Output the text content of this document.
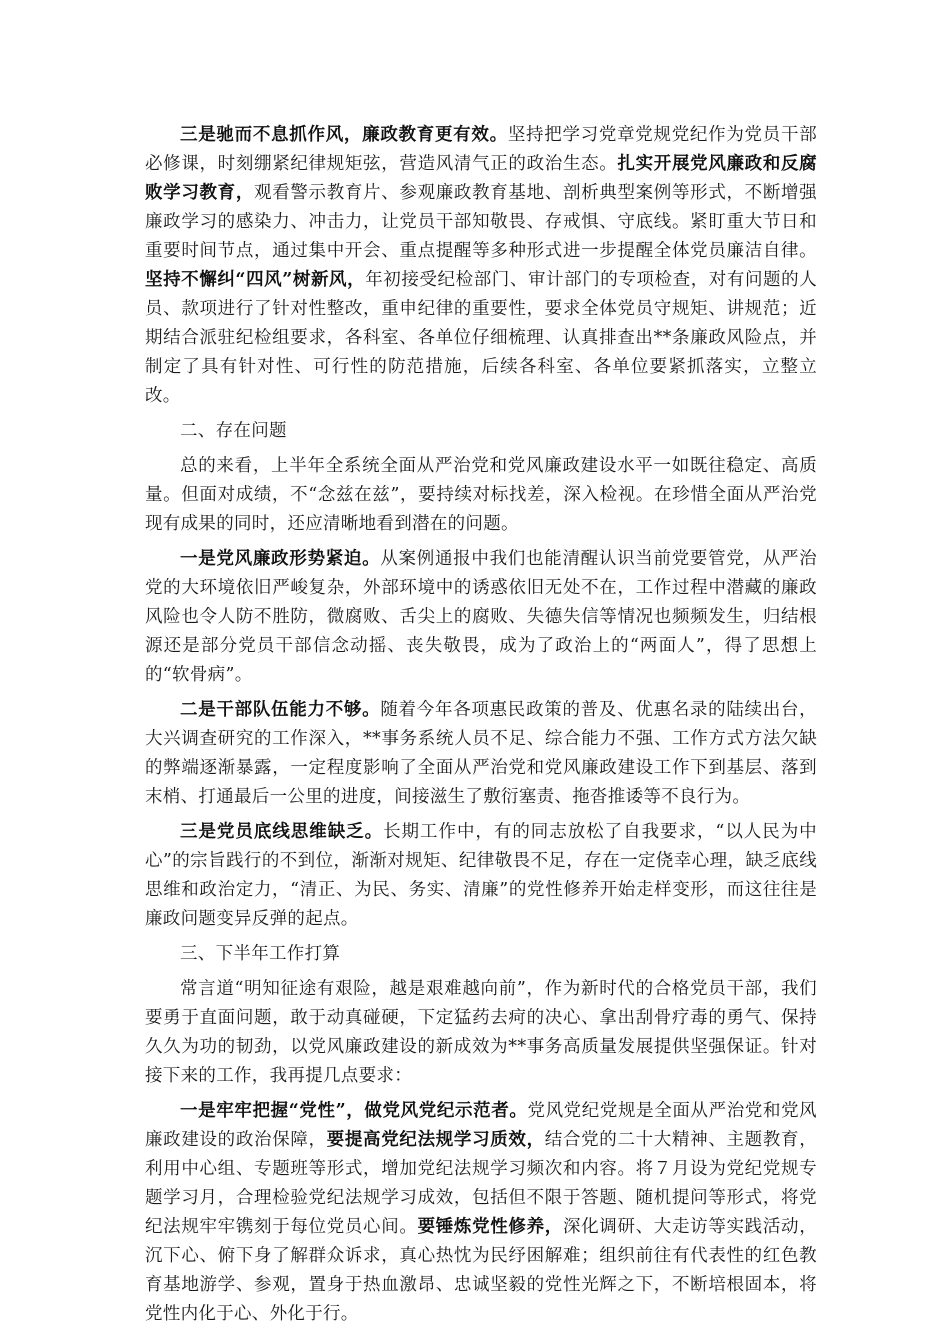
三是驰而不息抓作风，廉政教育更有效。坚持把学习党章党规党纪作为党员干部必修课，时刻绷紧纪律规矩弦，营造风清气正的政治生态。扎实开展党风廉政和反腐败学习教育，观看警示教育片、参观廉政教育基地、剖析典型案例等形式，不断增强廉政学习的感染力、冲击力，让党员干部知敬畏、存戒惧、守底线。紧盯重大节日和重要时间节点，通过集中开会、重点提醒等多种形式进一步提醒全体党员廉洁自律。坚持不懈纠“四风”树新风，年初接受纪检部门、审计部门的专项检查，对有问题的人员、款项进行了针对性整改，重申纪律的重要性，要求全体党员守规矩、讲规范；近期结合派驻纪检组要求，各科室、各单位仔细梳理、认真排查出**条廉政风险点，并制定了具有针对性、可行性的防范措施，后续各科室、各单位要紧抓落实，立整立改。

二、存在问题

总的来看，上半年全系统全面从严治党和党风廉政建设水平一如既往稳定、高质量。但面对成绩，不“念兹在兹”，要持续对标找差，深入检视。在珍惜全面从严治党现有成果的同时，还应清晰地看到潜在的问题。

一是党风廉政形势紧迫。从案例通报中我们也能清醒认识当前党要管党，从严治党的大环境依旧严峻复杂，外部环境中的诱惑依旧无处不在，工作过程中潜藏的廉政风险也令人防不胜防，微腐败、舌尖上的腐败、失德失信等情况也频频发生，归结根源还是部分党员干部信念动摇、丧失敬畏，成为了政治上的“两面人”，得了思想上的“软骨病”。

二是干部队伍能力不够。随着今年各项惠民政策的普及、优惠名录的陆续出台，大兴调查研究的工作深入，**事务系统人员不足、综合能力不强、工作方式方法欠缺的弊端逐渐暴露，一定程度影响了全面从严治党和党风廉政建设工作下到基层、落到末梢、打通最后一公里的进度，间接滋生了敷衍塞责、拖沓推诿等不良行为。

三是党员底线思维缺乏。长期工作中，有的同志放松了自我要求，“以人民为中心”的宗旨践行的不到位，渐渐对规矩、纪律敬畏不足，存在一定侥幸心理，缺乏底线思维和政治定力，“清正、为民、务实、清廉”的党性修养开始走样变形，而这往往是廉政问题变异反弹的起点。

三、下半年工作打算

常言道“明知征途有艰险，越是艰难越向前”，作为新时代的合格党员干部，我们要勇于直面问题，敢于动真碰硬，下定猛药去疴的决心、拿出刮骨疗毒的勇气、保持久久为功的韧劲，以党风廉政建设的新成效为**事务高质量发展提供坚强保证。针对接下来的工作，我再提几点要求：

一是牢牢把握“党性”，做党风党纪示范者。党风党纪党规是全面从严治党和党风廉政建设的政治保障，要提高党纪法规学习质效，结合党的二十大精神、主题教育，利用中心组、专题班等形式，增加党纪法规学习频次和内容。将７月设为党纪党规专题学习月，合理检验党纪法规学习成效，包括但不限于答题、随机提问等形式，将党纪法规牢牢镌刻于每位党员心间。要锤炼党性修养，深化调研、大走访等实践活动，沉下心、俯下身了解群众诉求，真心热忱为民纾困解难；组织前往有代表性的红色教育基地游学、参观，置身于热血激昂、忠诚坚毅的党性光辉之下，不断培根固本，将党性内化于心、外化于行。
